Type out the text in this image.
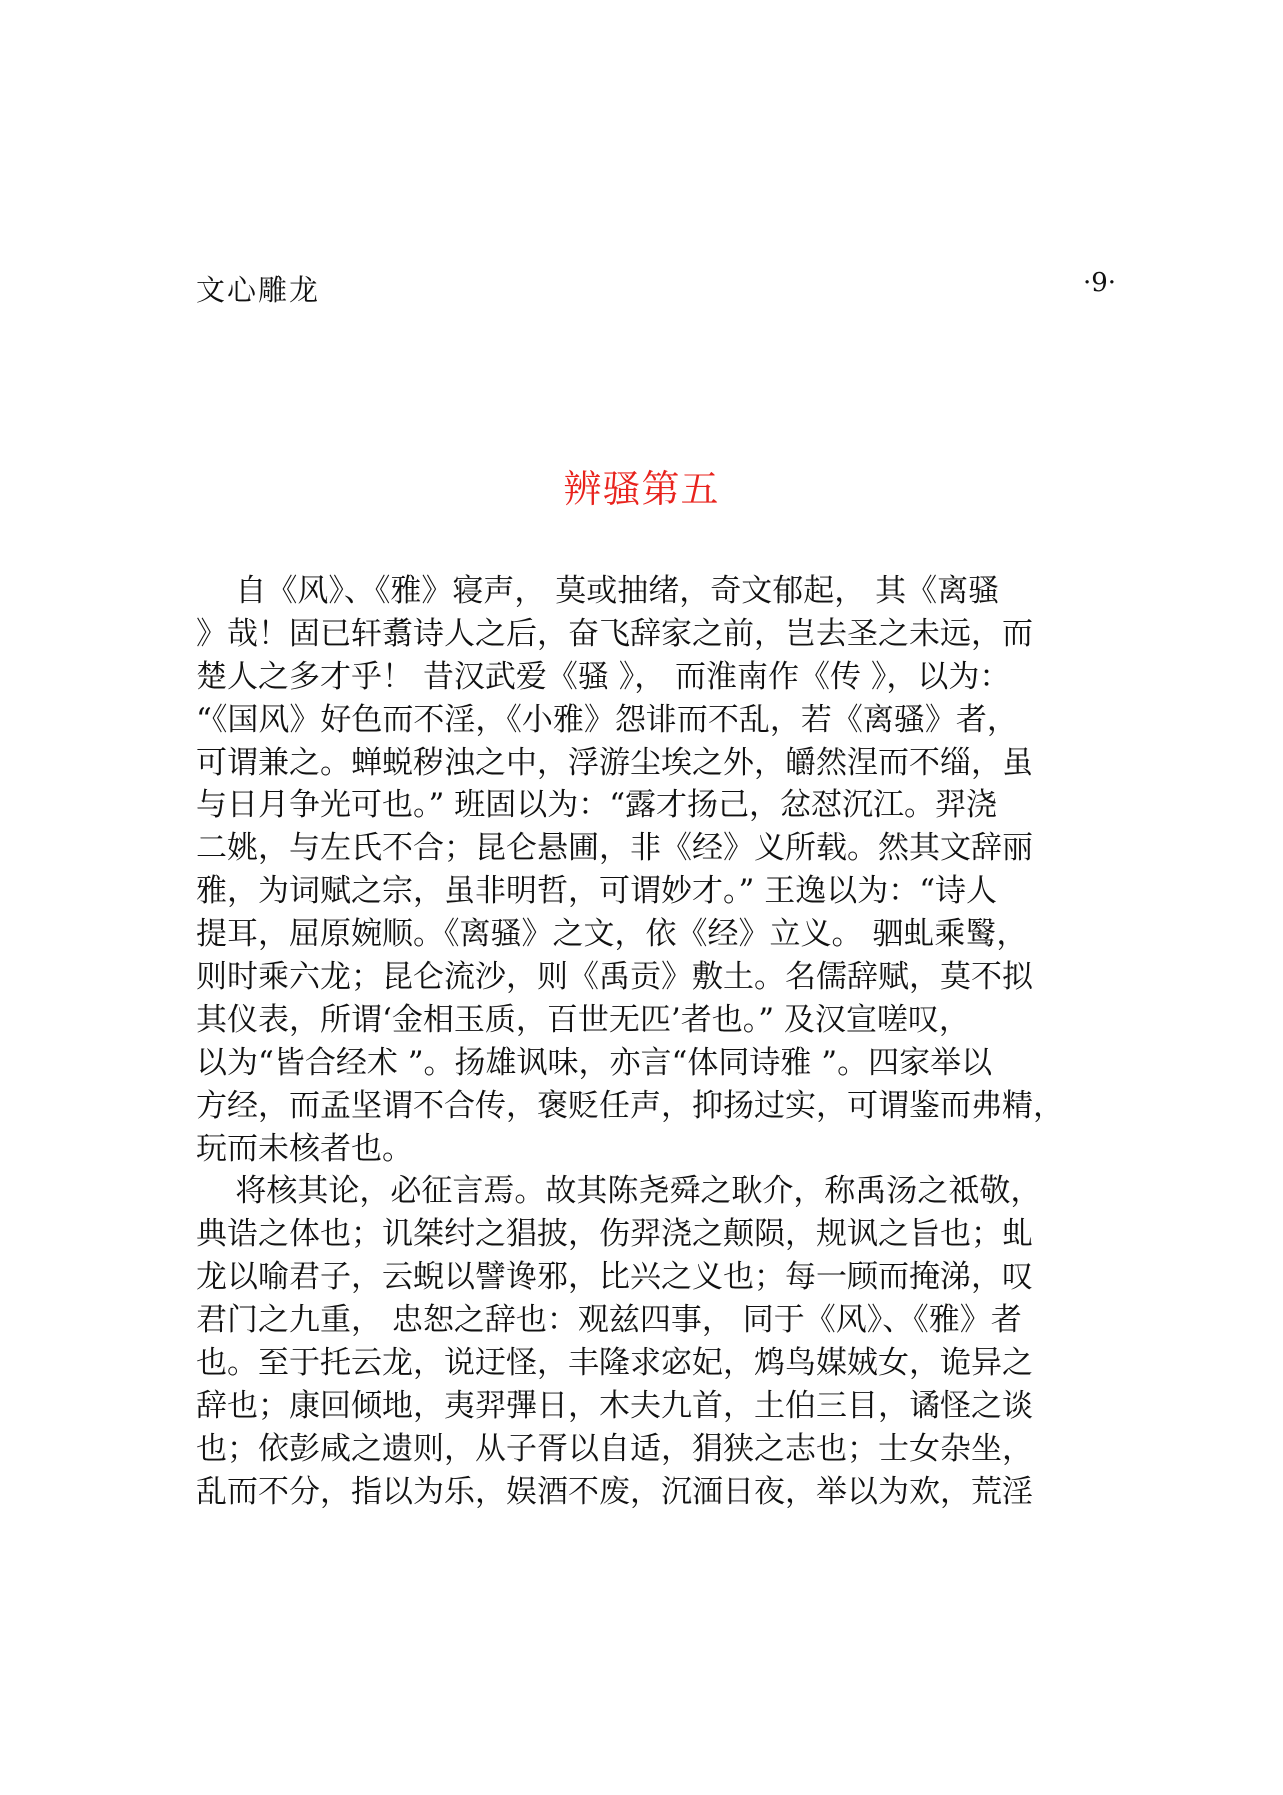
文心雕龙	·9·
辨骚第五
自《风》、《雅》寝声， 莫或抽绪，奇文郁起， 其《离骚
》哉！固已轩翥诗人之后，奋飞辞家之前，岂去圣之未远，而
楚人之多才乎！ 昔汉武爱《骚 》， 而淮南作《传 》，以为：
“《国风》好色而不淫，《小雅》怨诽而不乱，若《离骚》者，
可谓兼之。蝉蜕秽浊之中，浮游尘埃之外，皭然涅而不缁，虽
与日月争光可也。” 班固以为：“露才扬己，忿怼沉江。羿浇
二姚，与左氏不合；昆仑悬圃，非《经》义所载。然其文辞丽
雅，为词赋之宗，虽非明哲，可谓妙才。” 王逸以为：“诗人
提耳，屈原婉顺。《离骚》之文，依《经》立义。 驷虬乘鹥，
则时乘六龙；昆仑流沙，则《禹贡》敷土。名儒辞赋，莫不拟
其仪表，所谓‘金相玉质，百世无匹’者也。” 及汉宣嗟叹，
以为“皆合经术 ”。扬雄讽味，亦言“体同诗雅 ”。四家举以
方经，而孟坚谓不合传，褒贬任声，抑扬过实，可谓鉴而弗精，
玩而未核者也。
将核其论，必征言焉。故其陈尧舜之耿介，称禹汤之祗敬，
典诰之体也；讥桀纣之猖披，伤羿浇之颠陨，规讽之旨也；虬
龙以喻君子，云蜺以譬谗邪，比兴之义也；每一顾而掩涕，叹
君门之九重， 忠恕之辞也：观兹四事， 同于《风》、《雅》者
也。至于托云龙，说迂怪，丰隆求宓妃，鸩鸟媒娀女，诡异之
辞也；康回倾地，夷羿彃日，木夫九首，土伯三目，谲怪之谈
也；依彭咸之遗则，从子胥以自适，狷狭之志也；士女杂坐，
乱而不分，指以为乐，娱酒不废，沉湎日夜，举以为欢，荒淫
